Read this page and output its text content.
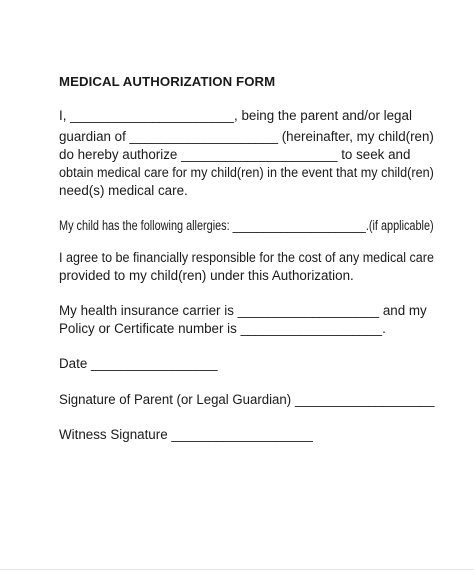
MEDICAL AUTHORIZATION FORM
I, ______________________, being the parent and/or legal
guardian of ____________________ (hereinafter, my child(ren)
do hereby authorize _____________________ to seek and
obtain medical care for my child(ren) in the event that my child(ren)
need(s) medical care.
My child has the following allergies: ______________________.(if applicable)
I agree to be financially responsible for the cost of any medical care
provided to my child(ren) under this Authorization.
My health insurance carrier is ___________________ and my
Policy or Certificate number is ___________________.
Date _________________
Signature of Parent (or Legal Guardian) ___________________
Witness Signature ___________________
